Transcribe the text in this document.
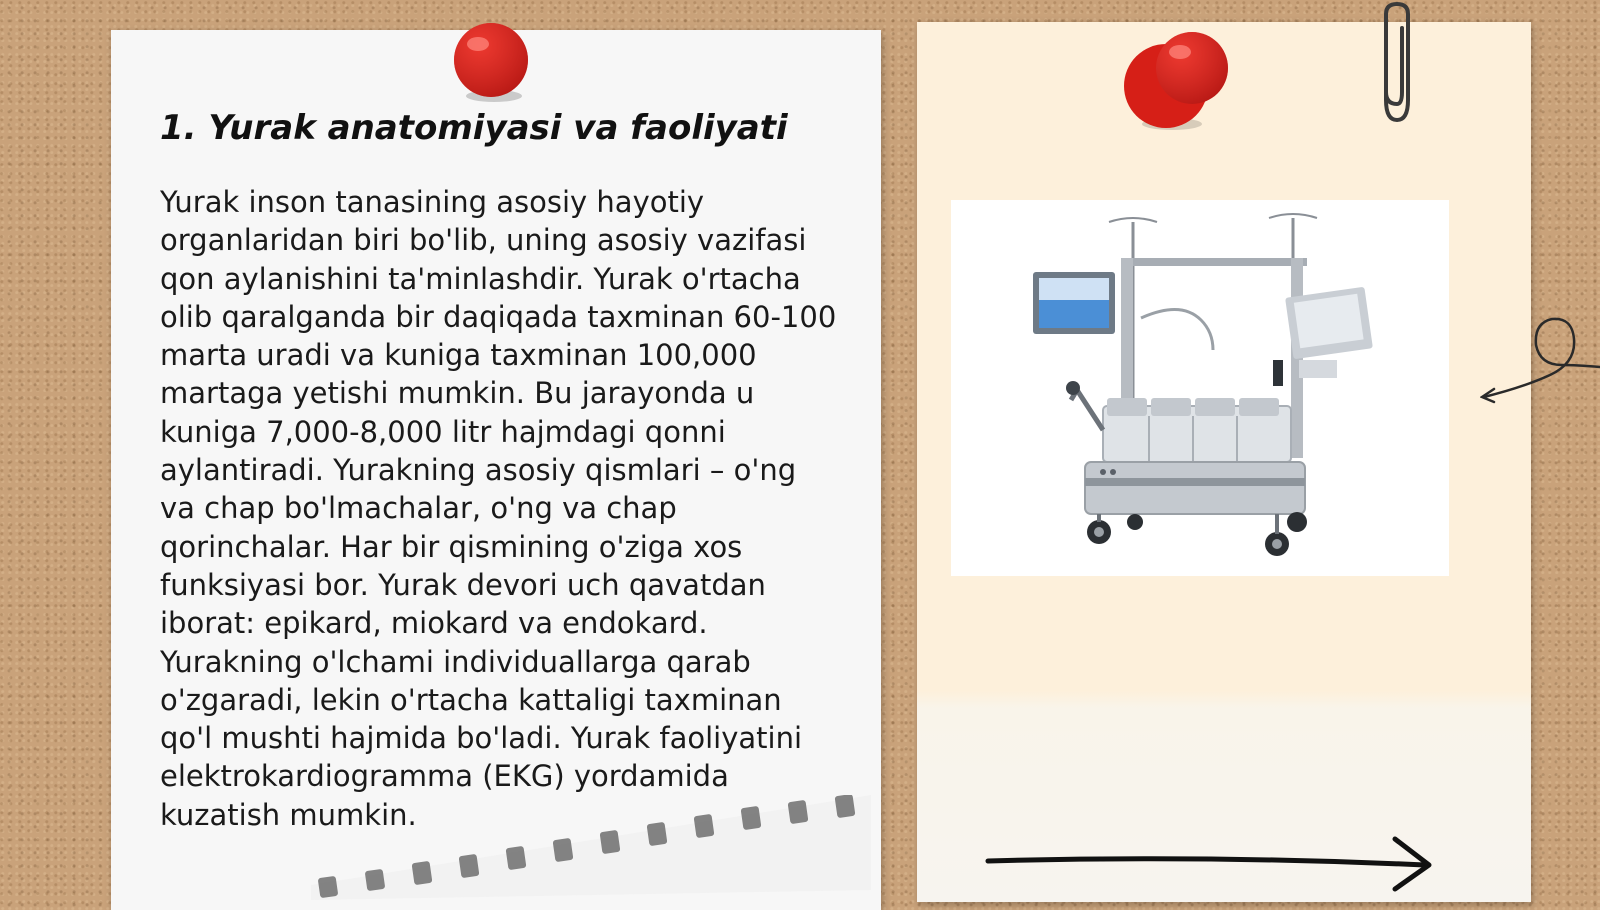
1. Yurak anatomiyasi va faoliyati

Yurak inson tanasining asosiy hayotiy organlaridan biri bo'lib, uning asosiy vazifasi qon aylanishini ta'minlashdir. Yurak o'rtacha olib qaralganda bir daqiqada taxminan 60-100 marta uradi va kuniga taxminan 100,000 martaga yetishi mumkin. Bu jarayonda u kuniga 7,000-8,000 litr hajmdagi qonni aylantiradi. Yurakning asosiy qismlari – o'ng va chap bo'lmachalar, o'ng va chap qorinchalar. Har bir qismining o'ziga xos funksiyasi bor. Yurak devori uch qavatdan iborat: epikard, miokard va endokard. Yurakning o'lchami individuallarga qarab o'zgaradi, lekin o'rtacha kattaligi taxminan qo'l mushti hajmida bo'ladi. Yurak faoliyatini elektrokardiogramma (EKG) yordamida kuzatish mumkin.
